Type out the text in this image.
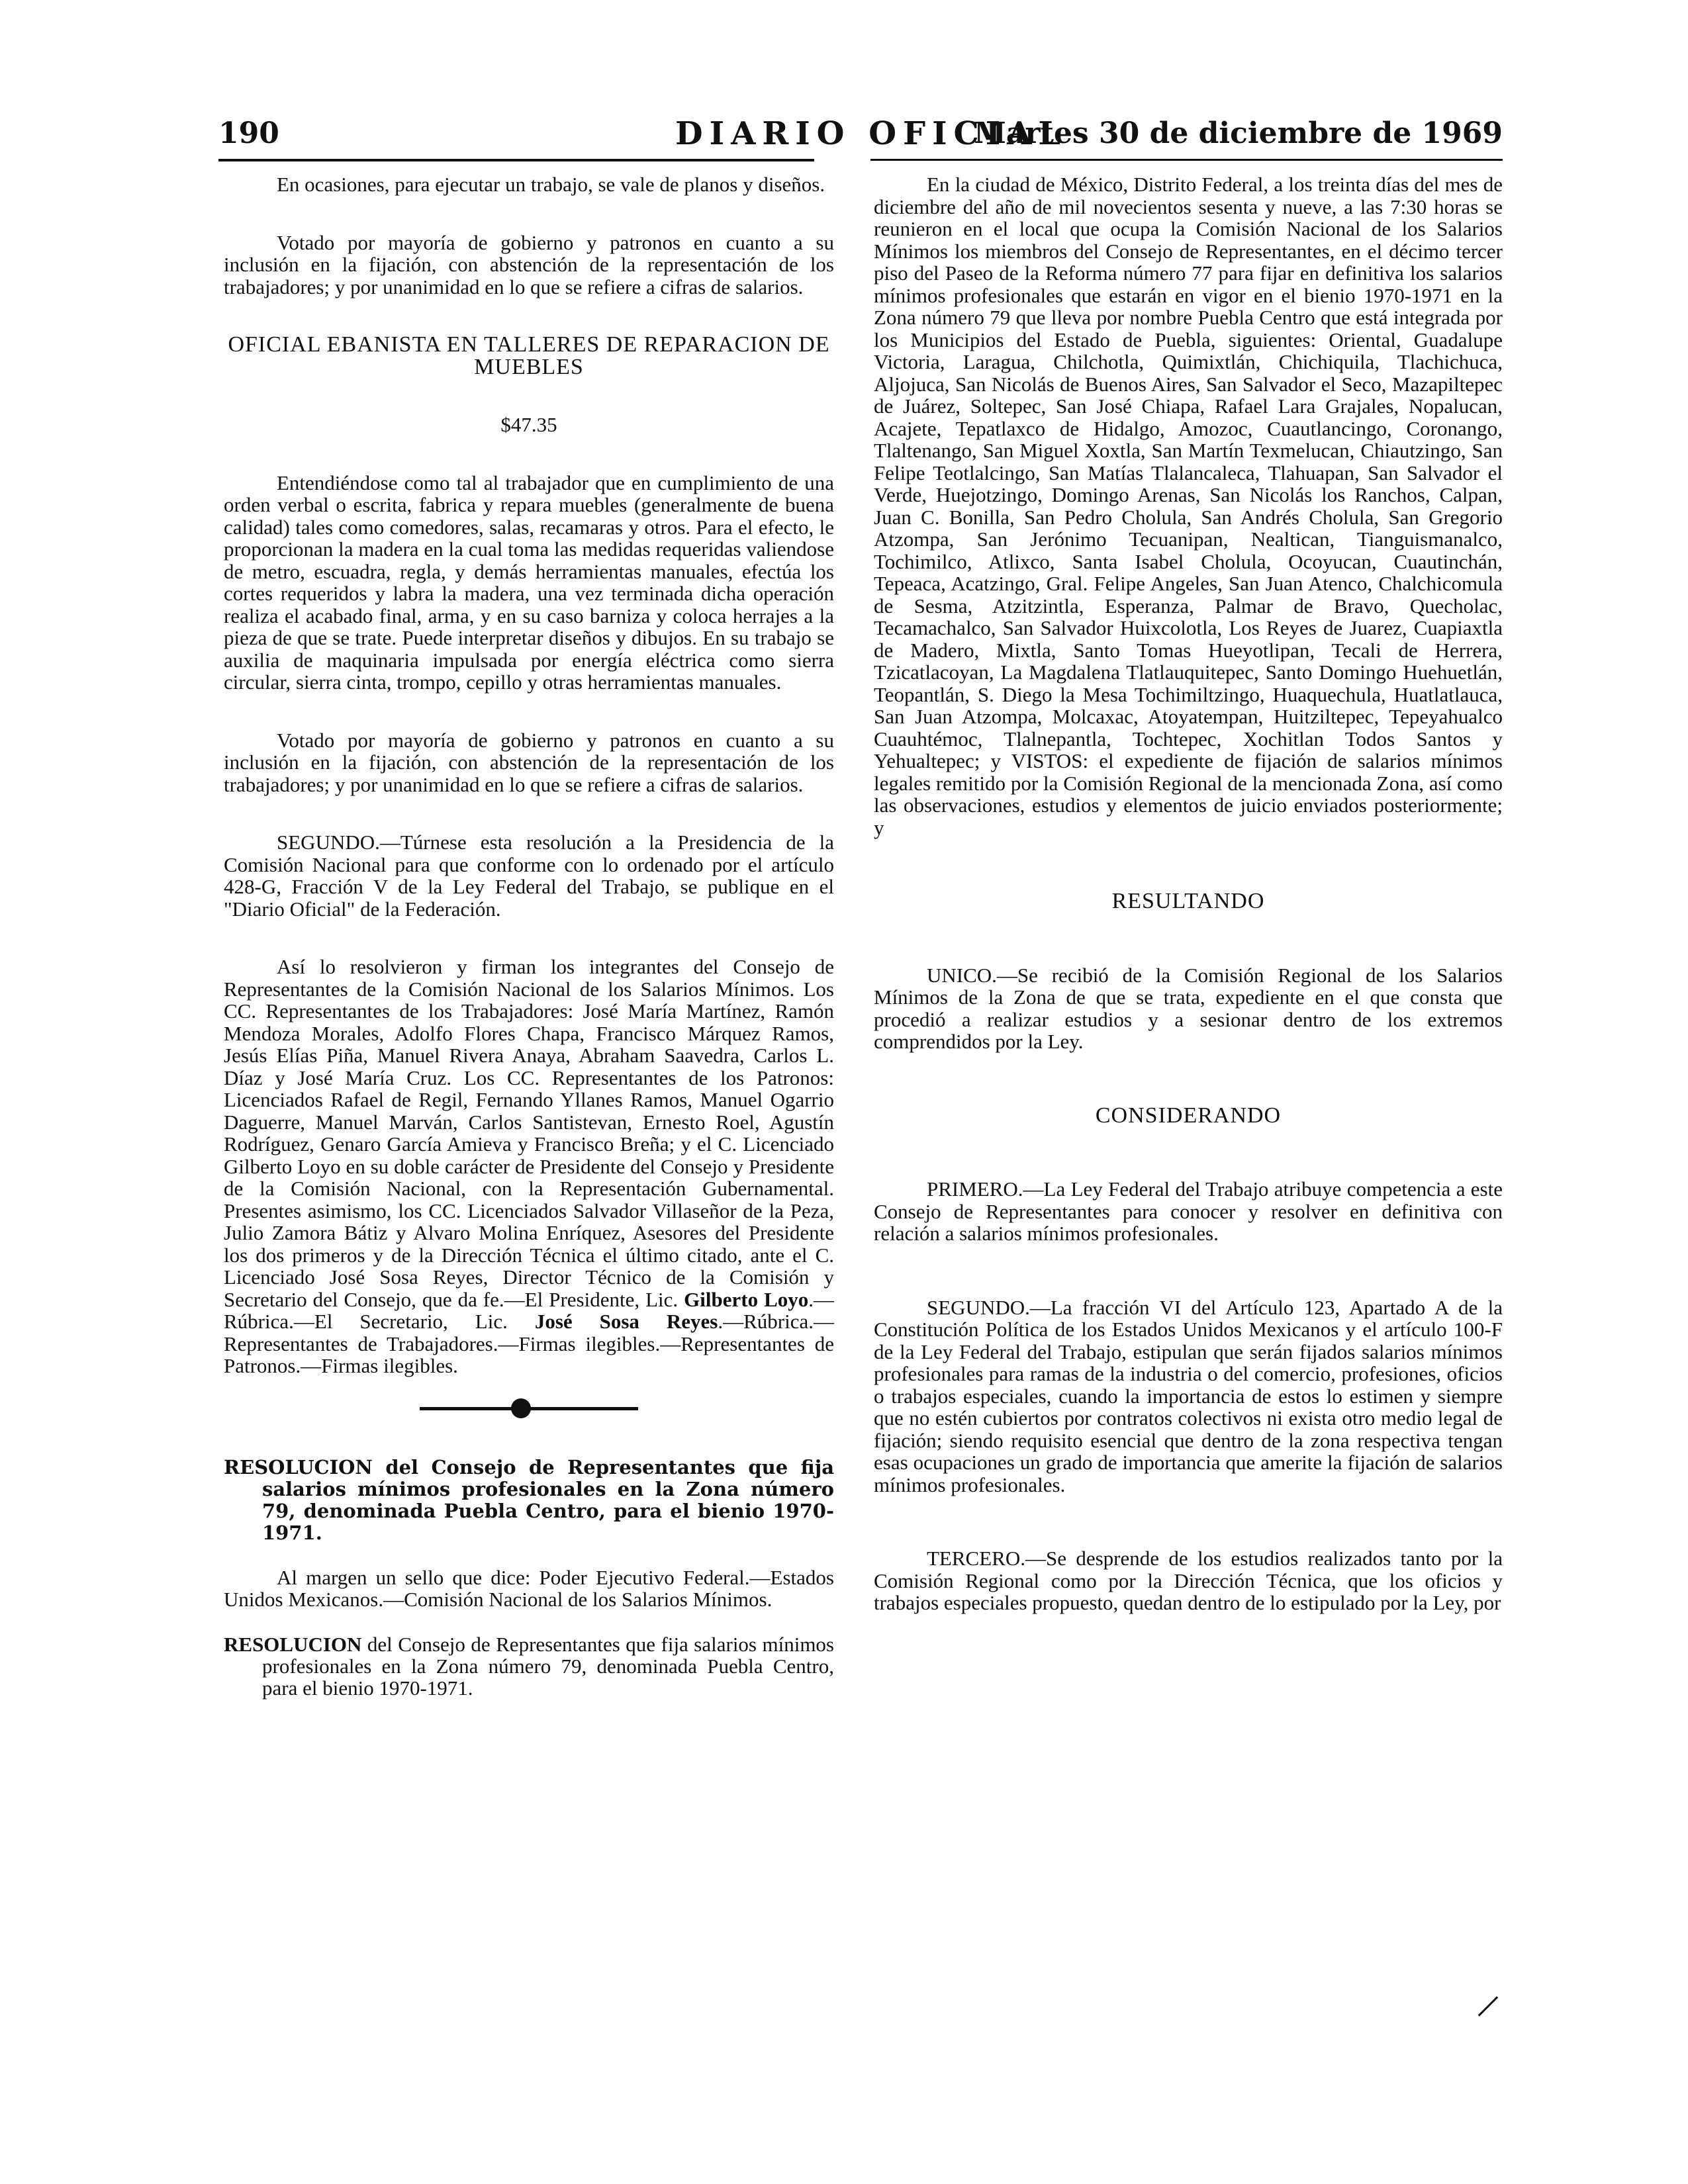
190	DIARIO OFICIAL
Martes 30 de diciembre de 1969

En ocasiones, para ejecutar un trabajo, se vale de planos y diseños.

Votado por mayoría de gobierno y patronos en cuanto a su inclusión en la fijación, con abstención de la representación de los trabajadores; y por unanimidad en lo que se refiere a cifras de salarios.

OFICIAL EBANISTA EN TALLERES DE REPARACION DE MUEBLES

$47.35

Entendiéndose como tal al trabajador que en cumplimiento de una orden verbal o escrita, fabrica y repara muebles (generalmente de buena calidad) tales como comedores, salas, recamaras y otros. Para el efecto, le proporcionan la madera en la cual toma las medidas requeridas valiendose de metro, escuadra, regla, y demás herramientas manuales, efectúa los cortes requeridos y labra la madera, una vez terminada dicha operación realiza el acabado final, arma, y en su caso barniza y coloca herrajes a la pieza de que se trate. Puede interpretar diseños y dibujos. En su trabajo se auxilia de maquinaria impulsada por energía eléctrica como sierra circular, sierra cinta, trompo, cepillo y otras herramientas manuales.

Votado por mayoría de gobierno y patronos en cuanto a su inclusión en la fijación, con abstención de la representación de los trabajadores; y por unanimidad en lo que se refiere a cifras de salarios.

SEGUNDO.—Túrnese esta resolución a la Presidencia de la Comisión Nacional para que conforme con lo ordenado por el artículo 428-G, Fracción V de la Ley Federal del Trabajo, se publique en el "Diario Oficial" de la Federación.

Así lo resolvieron y firman los integrantes del Consejo de Representantes de la Comisión Nacional de los Salarios Mínimos. Los CC. Representantes de los Trabajadores: José María Martínez, Ramón Mendoza Morales, Adolfo Flores Chapa, Francisco Márquez Ramos, Jesús Elías Piña, Manuel Rivera Anaya, Abraham Saavedra, Carlos L. Díaz y José María Cruz. Los CC. Representantes de los Patronos: Licenciados Rafael de Regil, Fernando Yllanes Ramos, Manuel Ogarrio Daguerre, Manuel Marván, Carlos Santistevan, Ernesto Roel, Agustín Rodríguez, Genaro García Amieva y Francisco Breña; y el C. Licenciado Gilberto Loyo en su doble carácter de Presidente del Consejo y Presidente de la Comisión Nacional, con la Representación Gubernamental. Presentes asimismo, los CC. Licenciados Salvador Villaseñor de la Peza, Julio Zamora Bátiz y Alvaro Molina Enríquez, Asesores del Presidente los dos primeros y de la Dirección Técnica el último citado, ante el C. Licenciado José Sosa Reyes, Director Técnico de la Comisión y Secretario del Consejo, que da fe.—El Presidente, Lic. Gilberto Loyo.—Rúbrica.—El Secretario, Lic. José Sosa Reyes.—Rúbrica.—Representantes de Trabajadores.—Firmas ilegibles.—Representantes de Patronos.—Firmas ilegibles.

RESOLUCION del Consejo de Representantes que fija salarios mínimos profesionales en la Zona número 79, denominada Puebla Centro, para el bienio 1970-1971.

Al margen un sello que dice: Poder Ejecutivo Federal.—Estados Unidos Mexicanos.—Comisión Nacional de los Salarios Mínimos.

RESOLUCION del Consejo de Representantes que fija salarios mínimos profesionales en la Zona número 79, denominada Puebla Centro, para el bienio 1970-1971.

En la ciudad de México, Distrito Federal, a los treinta días del mes de diciembre del año de mil novecientos sesenta y nueve, a las 7:30 horas se reunieron en el local que ocupa la Comisión Nacional de los Salarios Mínimos los miembros del Consejo de Representantes, en el décimo tercer piso del Paseo de la Reforma número 77 para fijar en definitiva los salarios mínimos profesionales que estarán en vigor en el bienio 1970-1971 en la Zona número 79 que lleva por nombre Puebla Centro que está integrada por los Municipios del Estado de Puebla, siguientes: Oriental, Guadalupe Victoria, Laragua, Chilchotla, Quimixtlán, Chichiquila, Tlachichuca, Aljojuca, San Nicolás de Buenos Aires, San Salvador el Seco, Mazapiltepec de Juárez, Soltepec, San José Chiapa, Rafael Lara Grajales, Nopalucan, Acajete, Tepatlaxco de Hidalgo, Amozoc, Cuautlancingo, Coronango, Tlaltenango, San Miguel Xoxtla, San Martín Texmelucan, Chiautzingo, San Felipe Teotlalcingo, San Matías Tlalancaleca, Tlahuapan, San Salvador el Verde, Huejotzingo, Domingo Arenas, San Nicolás los Ranchos, Calpan, Juan C. Bonilla, San Pedro Cholula, San Andrés Cholula, San Gregorio Atzompa, San Jerónimo Tecuanipan, Nealtican, Tianguismanalco, Tochimilco, Atlixco, Santa Isabel Cholula, Ocoyucan, Cuautinchán, Tepeaca, Acatzingo, Gral. Felipe Angeles, San Juan Atenco, Chalchicomula de Sesma, Atzitzintla, Esperanza, Palmar de Bravo, Quecholac, Tecamachalco, San Salvador Huixcolotla, Los Reyes de Juarez, Cuapiaxtla de Madero, Mixtla, Santo Tomas Hueyotlipan, Tecali de Herrera, Tzicatlacoyan, La Magdalena Tlatlauquitepec, Santo Domingo Huehuetlán, Teopantlán, S. Diego la Mesa Tochimiltzingo, Huaquechula, Huatlatlauca, San Juan Atzompa, Molcaxac, Atoyatempan, Huitziltepec, Tepeyahualco Cuauhtémoc, Tlalnepantla, Tochtepec, Xochitlan Todos Santos y Yehualtepec; y VISTOS: el expediente de fijación de salarios mínimos legales remitido por la Comisión Regional de la mencionada Zona, así como las observaciones, estudios y elementos de juicio enviados posteriormente; y

RESULTANDO

UNICO.—Se recibió de la Comisión Regional de los Salarios Mínimos de la Zona de que se trata, expediente en el que consta que procedió a realizar estudios y a sesionar dentro de los extremos comprendidos por la Ley.

CONSIDERANDO

PRIMERO.—La Ley Federal del Trabajo atribuye competencia a este Consejo de Representantes para conocer y resolver en definitiva con relación a salarios mínimos profesionales.

SEGUNDO.—La fracción VI del Artículo 123, Apartado A de la Constitución Política de los Estados Unidos Mexicanos y el artículo 100-F de la Ley Federal del Trabajo, estipulan que serán fijados salarios mínimos profesionales para ramas de la industria o del comercio, profesiones, oficios o trabajos especiales, cuando la importancia de estos lo estimen y siempre que no estén cubiertos por contratos colectivos ni exista otro medio legal de fijación; siendo requisito esencial que dentro de la zona respectiva tengan esas ocupaciones un grado de importancia que amerite la fijación de salarios mínimos profesionales.

TERCERO.—Se desprende de los estudios realizados tanto por la Comisión Regional como por la Dirección Técnica, que los oficios y trabajos especiales propuesto, quedan dentro de lo estipulado por la Ley, por
